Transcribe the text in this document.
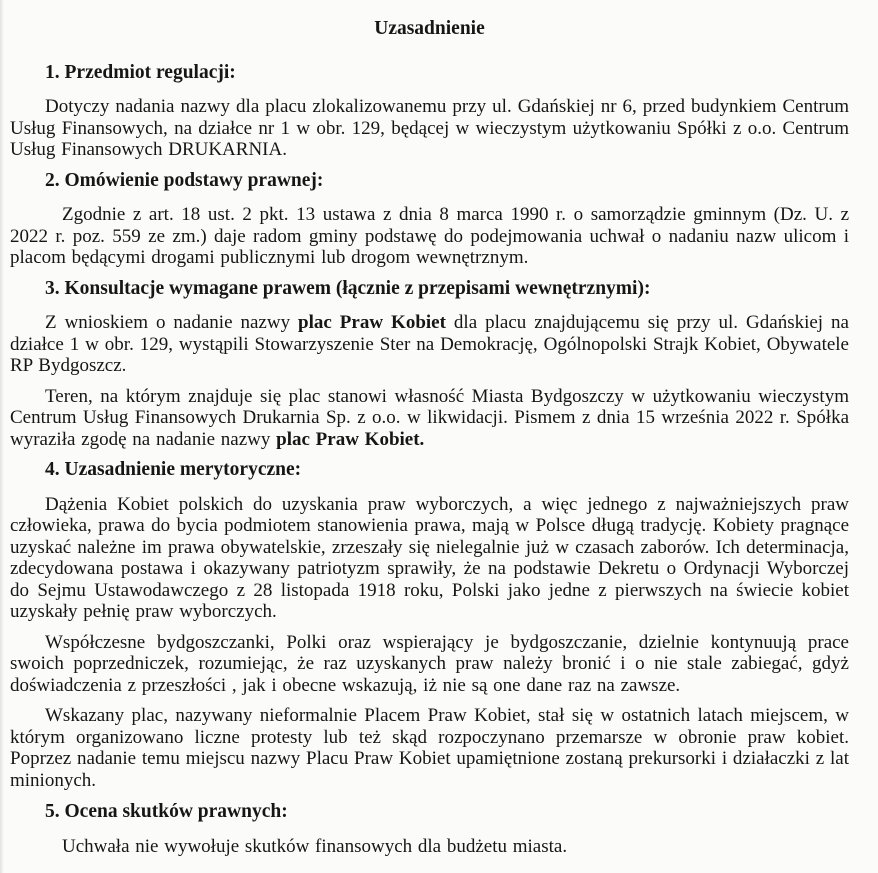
Uzasadnienie
1. Przedmiot regulacji:

Dotyczy nadania nazwy dla placu zlokalizowanemu przy ul. Gdańskiej nr 6, przed budynkiem Centrum Usług Finansowych, na działce nr 1 w obr. 129, będącej w wieczystym użytkowaniu Spółki z o.o. Centrum Usług Finansowych DRUKARNIA.

2. Omówienie podstawy prawnej:

Zgodnie z art. 18 ust. 2 pkt. 13 ustawa z dnia 8 marca 1990 r. o samorządzie gminnym (Dz. U. z 2022 r. poz. 559 ze zm.) daje radom gminy podstawę do podejmowania uchwał o nadaniu nazw ulicom i placom będącymi drogami publicznymi lub drogom wewnętrznym.

3. Konsultacje wymagane prawem (łącznie z przepisami wewnętrznymi):

Z wnioskiem o nadanie nazwy plac Praw Kobiet dla placu znajdującemu się przy ul. Gdańskiej na działce 1 w obr. 129, wystąpili Stowarzyszenie Ster na Demokrację, Ogólnopolski Strajk Kobiet, Obywatele RP Bydgoszcz.

Teren, na którym znajduje się plac stanowi własność Miasta Bydgoszczy w użytkowaniu wieczystym Centrum Usług Finansowych Drukarnia Sp. z o.o. w likwidacji. Pismem z dnia 15 września 2022 r. Spółka wyraziła zgodę na nadanie nazwy plac Praw Kobiet.

4. Uzasadnienie merytoryczne:

Dążenia Kobiet polskich do uzyskania praw wyborczych, a więc jednego z najważniejszych praw człowieka, prawa do bycia podmiotem stanowienia prawa, mają w Polsce długą tradycję. Kobiety pragnące uzyskać należne im prawa obywatelskie, zrzeszały się nielegalnie już w czasach zaborów. Ich determinacja, zdecydowana postawa i okazywany patriotyzm sprawiły, że na podstawie Dekretu o Ordynacji Wyborczej do Sejmu Ustawodawczego z 28 listopada 1918 roku, Polski jako jedne z pierwszych na świecie kobiet uzyskały pełnię praw wyborczych.

Współczesne bydgoszczanki, Polki oraz wspierający je bydgoszczanie, dzielnie kontynuują prace swoich poprzedniczek, rozumiejąc, że raz uzyskanych praw należy bronić i o nie stale zabiegać, gdyż doświadczenia z przeszłości , jak i obecne wskazują, iż nie są one dane raz na zawsze.

Wskazany plac, nazywany nieformalnie Placem Praw Kobiet, stał się w ostatnich latach miejscem, w którym organizowano liczne protesty lub też skąd rozpoczynano przemarsze w obronie praw kobiet. Poprzez nadanie temu miejscu nazwy Placu Praw Kobiet upamiętnione zostaną prekursorki i działaczki z lat minionych.

5. Ocena skutków prawnych:

Uchwała nie wywołuje skutków finansowych dla budżetu miasta.
